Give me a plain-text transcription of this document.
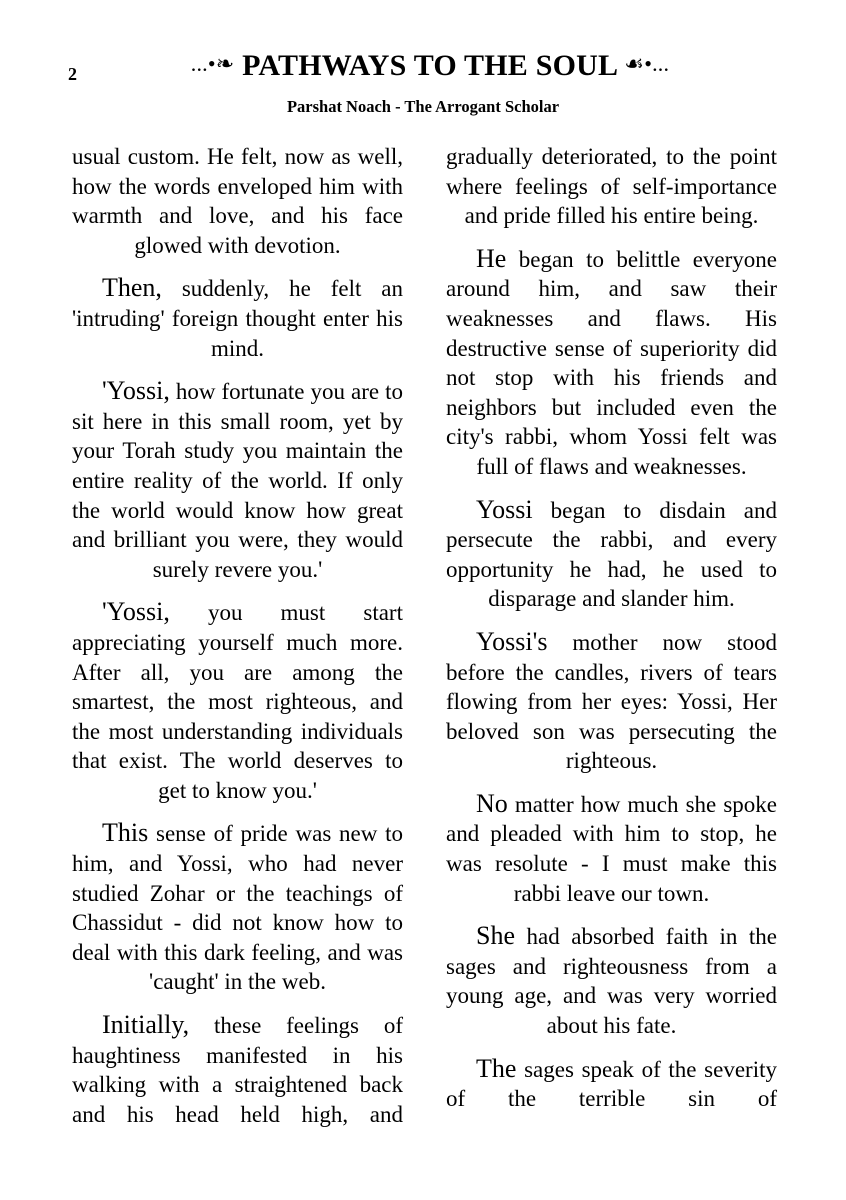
2	...•❧ PATHWAYS TO THE SOUL ☙•...
Parshat Noach - The Arrogant Scholar

usual custom. He felt, now as well, how the words enveloped him with warmth and love, and his face glowed with devotion.

Then, suddenly, he felt an 'intruding' foreign thought enter his mind.

'Yossi, how fortunate you are to sit here in this small room, yet by your Torah study you maintain the entire reality of the world. If only the world would know how great and brilliant you were, they would surely revere you.'

'Yossi, you must start appreciating yourself much more. After all, you are among the smartest, the most righteous, and the most understanding individuals that exist. The world deserves to get to know you.'

This sense of pride was new to him, and Yossi, who had never studied Zohar or the teachings of Chassidut - did not know how to deal with this dark feeling, and was 'caught' in the web.

Initially, these feelings of haughtiness manifested in his walking with a straightened back and his head held high, and

gradually deteriorated, to the point where feelings of self-importance and pride filled his entire being.

He began to belittle everyone around him, and saw their weaknesses and flaws. His destructive sense of superiority did not stop with his friends and neighbors but included even the city's rabbi, whom Yossi felt was full of flaws and weaknesses.

Yossi began to disdain and persecute the rabbi, and every opportunity he had, he used to disparage and slander him.

Yossi's mother now stood before the candles, rivers of tears flowing from her eyes: Yossi, Her beloved son was persecuting the righteous.

No matter how much she spoke and pleaded with him to stop, he was resolute - I must make this rabbi leave our town.

She had absorbed faith in the sages and righteousness from a young age, and was very worried about his fate.

The sages speak of the severity of the terrible sin of
